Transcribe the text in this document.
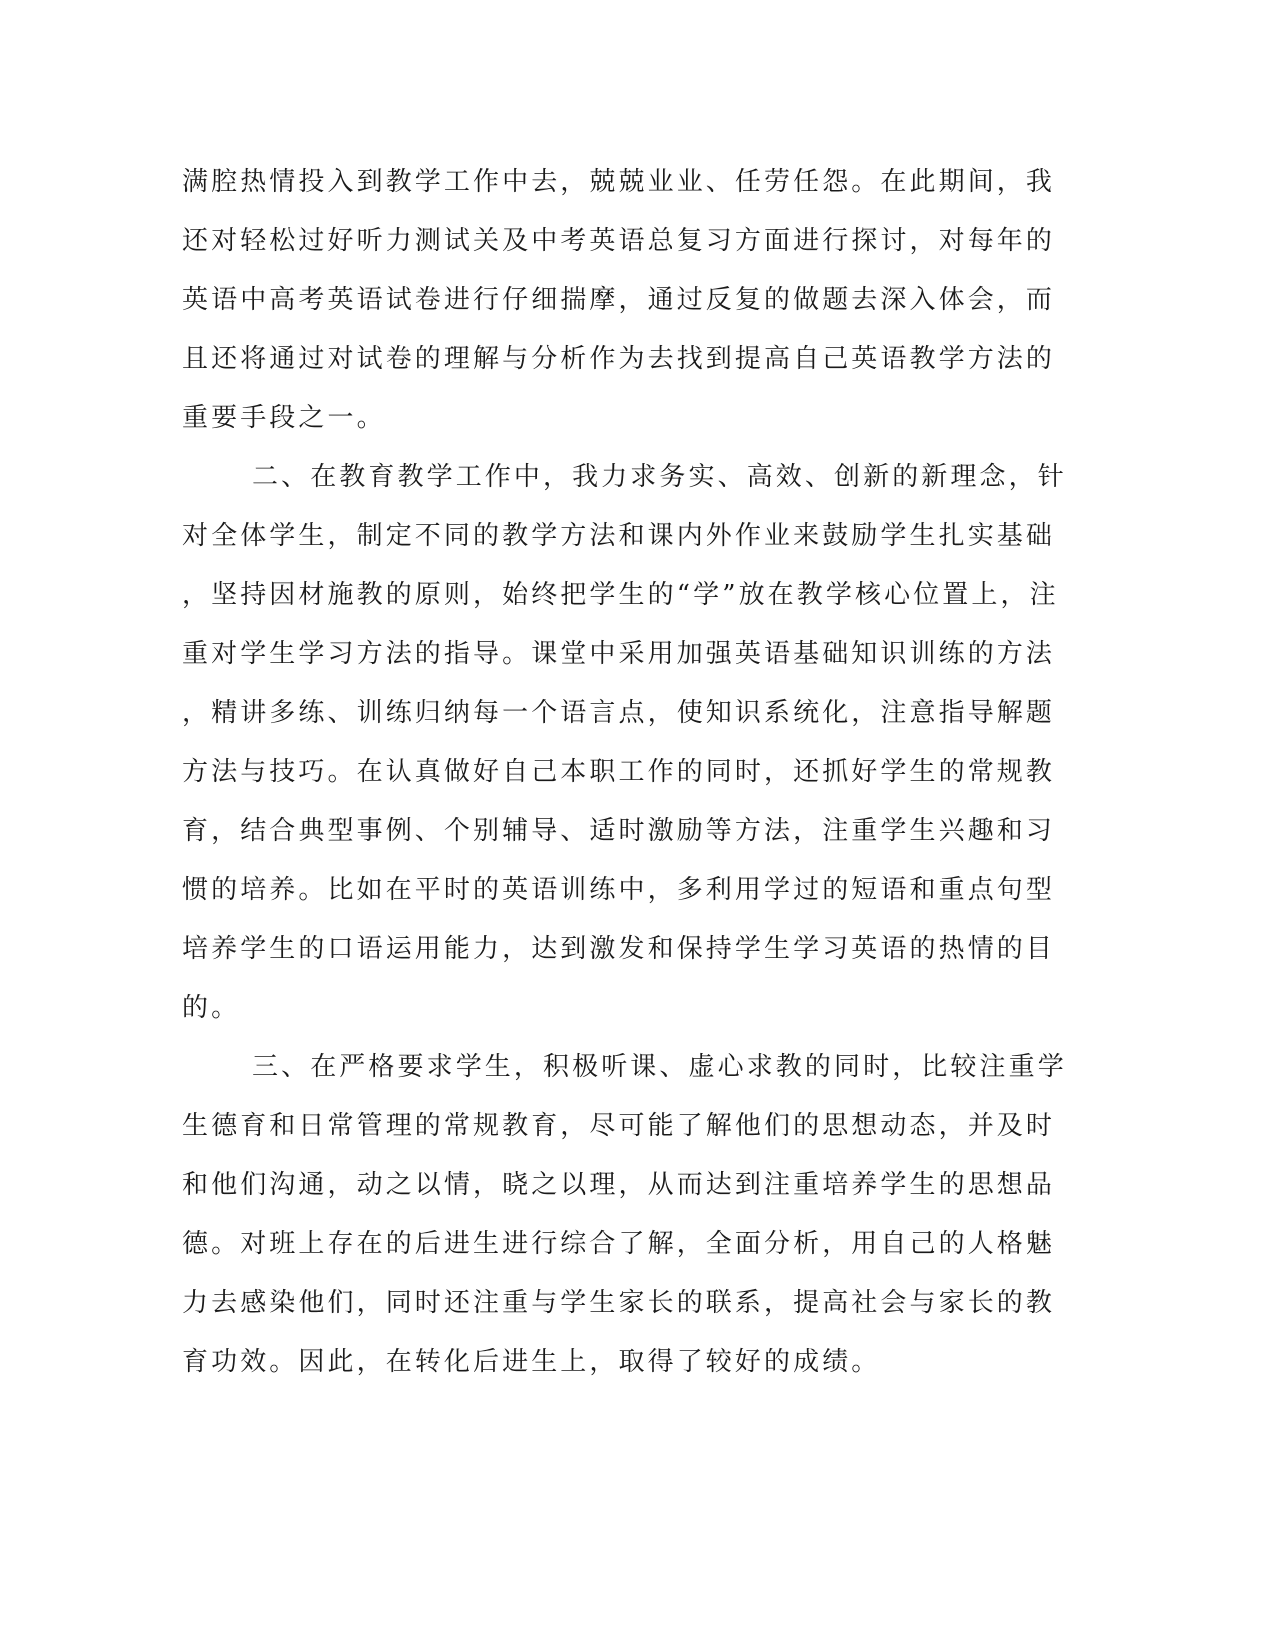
满腔热情投入到教学工作中去，兢兢业业、任劳任怨。在此期间，我
还对轻松过好听力测试关及中考英语总复习方面进行探讨，对每年的
英语中高考英语试卷进行仔细揣摩，通过反复的做题去深入体会，而
且还将通过对试卷的理解与分析作为去找到提高自己英语教学方法的
重要手段之一。
二、在教育教学工作中，我力求务实、高效、创新的新理念，针
对全体学生，制定不同的教学方法和课内外作业来鼓励学生扎实基础
，坚持因材施教的原则，始终把学生的“学”放在教学核心位置上，注
重对学生学习方法的指导。课堂中采用加强英语基础知识训练的方法
，精讲多练、训练归纳每一个语言点，使知识系统化，注意指导解题
方法与技巧。在认真做好自己本职工作的同时，还抓好学生的常规教
育，结合典型事例、个别辅导、适时激励等方法，注重学生兴趣和习
惯的培养。比如在平时的英语训练中，多利用学过的短语和重点句型
培养学生的口语运用能力，达到激发和保持学生学习英语的热情的目
的。
三、在严格要求学生，积极听课、虚心求教的同时，比较注重学
生德育和日常管理的常规教育，尽可能了解他们的思想动态，并及时
和他们沟通，动之以情，晓之以理，从而达到注重培养学生的思想品
德。对班上存在的后进生进行综合了解，全面分析，用自己的人格魅
力去感染他们，同时还注重与学生家长的联系，提高社会与家长的教
育功效。因此，在转化后进生上，取得了较好的成绩。
